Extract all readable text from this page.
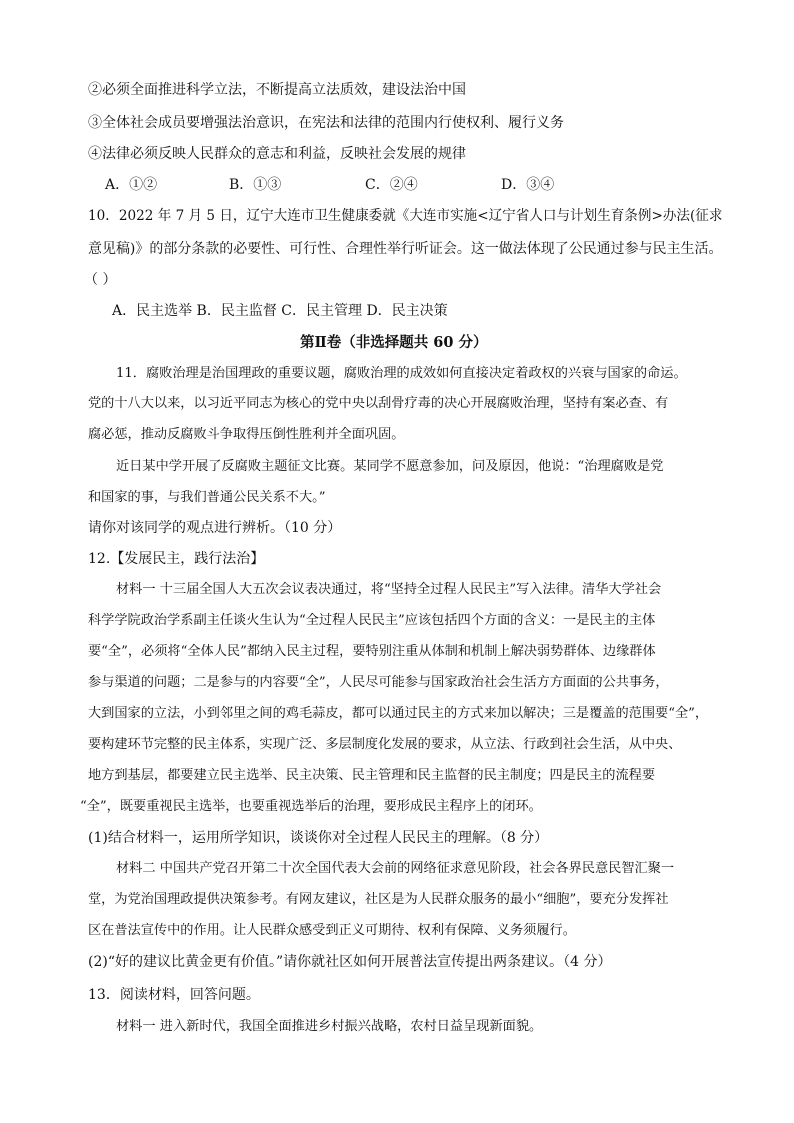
②必须全面推进科学立法，不断提高立法质效，建设法治中国
③全体社会成员要增强法治意识，在宪法和法律的范围内行使权利、履行义务
④法律必须反映人民群众的意志和利益，反映社会发展的规律
A．①②	B．①③	C．②④	D．③④
10．2022 年 7 月 5 日，辽宁大连市卫生健康委就《大连市实施<辽宁省人口与计划生育条例>办法(征求
意见稿)》的部分条款的必要性、可行性、合理性举行听证会。这一做法体现了公民通过参与民主生活。
（ ）
A．民主选举 B．民主监督 C．民主管理 D．民主决策
第Ⅱ卷（非选择题共 60 分）
11．腐败治理是治国理政的重要议题，腐败治理的成效如何直接决定着政权的兴衰与国家的命运。
党的十八大以来，以习近平同志为核心的党中央以刮骨疗毒的决心开展腐败治理，坚持有案必查、有
腐必惩，推动反腐败斗争取得压倒性胜利并全面巩固。
近日某中学开展了反腐败主题征文比赛。某同学不愿意参加，问及原因，他说：“治理腐败是党
和国家的事，与我们普通公民关系不大。”
请你对该同学的观点进行辨析。（10 分）
12.【发展民主，践行法治】
材料一 十三届全国人大五次会议表决通过，将“坚持全过程人民民主”写入法律。清华大学社会
科学学院政治学系副主任谈火生认为“全过程人民民主”应该包括四个方面的含义：一是民主的主体
要“全”，必须将“全体人民”都纳入民主过程，要特别注重从体制和机制上解决弱势群体、边缘群体
参与渠道的问题；二是参与的内容要“全”，人民尽可能参与国家政治社会生活方方面面的公共事务，
大到国家的立法，小到邻里之间的鸡毛蒜皮，都可以通过民主的方式来加以解决；三是覆盖的范围要“全”，
要构建环节完整的民主体系，实现广泛、多层制度化发展的要求，从立法、行政到社会生活，从中央、
地方到基层，都要建立民主选举、民主决策、民主管理和民主监督的民主制度；四是民主的流程要
“全”，既要重视民主选举，也要重视选举后的治理，要形成民主程序上的闭环。
(1)结合材料一，运用所学知识，谈谈你对全过程人民民主的理解。（8 分）
材料二 中国共产党召开第二十次全国代表大会前的网络征求意见阶段，社会各界民意民智汇聚一
堂，为党治国理政提供决策参考。有网友建议，社区是为人民群众服务的最小“细胞”，要充分发挥社
区在普法宣传中的作用。让人民群众感受到正义可期待、权利有保障、义务须履行。
(2)“好的建议比黄金更有价值。”请你就社区如何开展普法宣传提出两条建议。（4 分）
13．阅读材料，回答问题。
材料一 进入新时代，我国全面推进乡村振兴战略，农村日益呈现新面貌。
